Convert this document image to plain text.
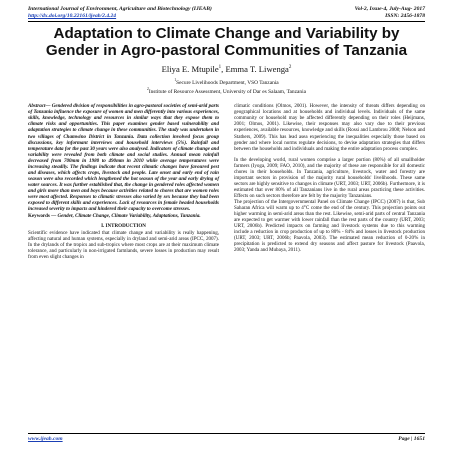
International Journal of Environment, Agriculture and Biotechnology (IJEAB)	Vol-2, Issue-4, July-Aug- 2017
http://dx.doi.org/10.22161/ijeab/2.4.24	ISSN: 2456-1878
Adaptation to Climate Change and Variability by Gender in Agro-pastoral Communities of Tanzania
Eliya E. Mtupile$^1$, Emma T. Liwenga$^2$
$^1$Secure Livelihoods Department, VSO Tanzania
$^2$Institute of Resource Assessment, University of Dar es Salaam, Tanzania

Abstract— Gendered division of responsibilities in agro-pastoral societies of semi-arid parts of Tanzania influence the exposure of women and men differently into various experiences, skills, knowledge, technology and resources in similar ways that they expose them to climate risks and opportunities. This paper examines gender based vulnerability and adaptation strategies to climate change in these communities. The study was undertaken in two villages of Chamwino District in Tanzania. Data collection involved focus group discussions, key informant interviews and household interviews (5%). Rainfall and temperature data for the past 30 years were also analysed. Indicators of climate change and variability were revealed from both climate and social studies. Annual mean rainfall decreased from 700mm in 1980 to 490mm in 2010 while average temperatures were increasing steadily. The findings indicate that recent climatic changes have favoured pest and diseases, which affects crops, livestock and people. Late onset and early end of rain season were also recorded which lengthened the hot season of the year and early drying of water sources. It was further established that, the change in gendered roles affected women and girls more than men and boys because activities related to chores that are women roles were most affected. Responses to climatic stresses also varied by sex because they had been exposed to different skills and experiences. Lack of resources in female headed households increased severity to impacts and hindered their capacity to overcome stresses.

Keywords — Gender, Climate Change, Climate Variability, Adaptations, Tanzania.

I. INTRODUCTION

Scientific evidence have indicated that climate change and variability is really happening, affecting natural and human systems, especially in dryland and semi-arid areas (IPCC, 2007). In the drylands of the tropics and sub-tropics where most crops are at their maximum climate tolerance, and particularly in non-irrigated farmlands, severe losses in production may result from even slight changes in

climatic conditions (Olmos, 2001). However, the intensity of threats differs depending on geographical locations and at households and individual levels. Individuals of the same community or household may be affected differently depending on their roles (Heijmans, 2001; Olmos, 2001). Likewise, their responses may also vary due to their previous experiences, available resources, knowledge and skills (Rossi and Lambrou 2008; Nelson and Stathers, 2009). This has lead asea experiencing the inequalities especially those based on gender and where local norms regulate decisions, to devise adaptation strategies that differs between the households and individuals and making the entire adaptation process complex.

In the developing world, rural women comprise a larger portion (80%) of all smallholder farmers (Iyoga, 2009; FAO, 2010), and the majority of these are responsible for all domestic chores in their households. In Tanzania, agriculture, livestock, water and forestry are important sectors in provision of the majority rural households' livelihoods. These same sectors are highly sensitive to changes in climate (URT, 2003; URT, 2006b). Furthermore, it is estimated that over 80% of all Tanzanians live in the rural areas practicing these activities. Effects on such sectors therefore are felt by the majority Tanzanians.

The projection of the Intergovernmental Panel on Climate Change (IPCC) (2007) is that, Sub Saharan Africa will warm up to 4°C come the end of the century. This projection points out higher warming in semi-arid areas than the rest. Likewise, semi-arid parts of central Tanzania are expected to get warmer with lower rainfall than the rest parts of the country (URT, 2003; URT, 2006b). Predicted impacts on farming and livestock systems due to this warming include a reduction in crop production of up to 80% - 84% and losses in livestock production (URT, 2003; URT, 2006b; Paavola, 2003). The estimated mean reduction of 0-20% in precipitation is predicted to extend dry seasons and affect pasture for livestock (Paavola, 2003; Yanda and Mubaya, 2011).

www.ijeab.com	Page | 1651
